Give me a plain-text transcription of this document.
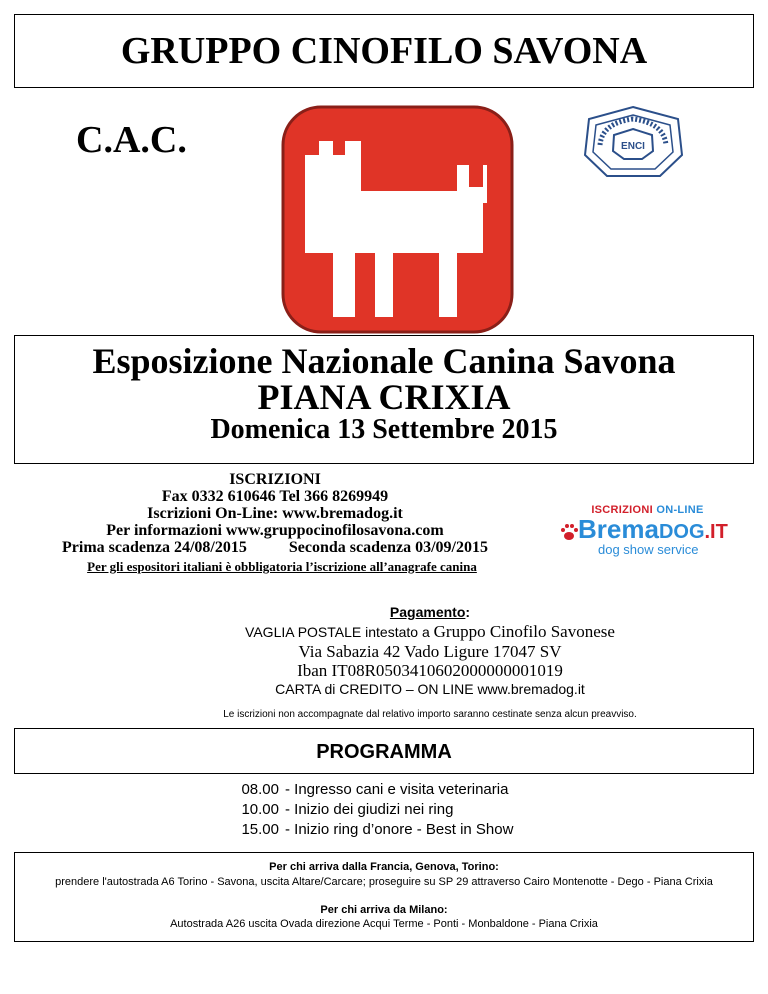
GRUPPO CINOFILO SAVONA
C.A.C.	ENCI
Esposizione Nazionale Canina Savona
PIANA CRIXIA
Domenica 13 Settembre 2015
ISCRIZIONI
Fax 0332 610646 Tel 366 8269949
Iscrizioni On-Line: www.bremadog.it
Per informazioni www.gruppocinofilosavona.com
Prima scadenza 24/08/2015	Seconda scadenza 03/09/2015
Per gli espositori italiani è obbligatoria l’iscrizione all’anagrafe canina
ISCRIZIONI ON-LINE
BremaDOG.IT
dog show service
Pagamento:
VAGLIA POSTALE intestato a Gruppo Cinofilo Savonese
Via Sabazia 42 Vado Ligure 17047 SV
Iban IT08R0503410602000000001019
CARTA di CREDITO – ON LINE www.bremadog.it
Le iscrizioni non accompagnate dal relativo importo saranno cestinate senza alcun preavviso.
PROGRAMMA
08.00 - Ingresso cani e visita veterinaria
10.00 - Inizio dei giudizi nei ring
15.00 - Inizio ring d’onore - Best in Show
Per chi arriva dalla Francia, Genova, Torino:
prendere l'autostrada A6 Torino - Savona, uscita Altare/Carcare; proseguire su SP 29 attraverso Cairo Montenotte - Dego - Piana Crixia
Per chi arriva da Milano:
Autostrada A26 uscita Ovada direzione Acqui Terme - Ponti - Monbaldone - Piana Crixia
